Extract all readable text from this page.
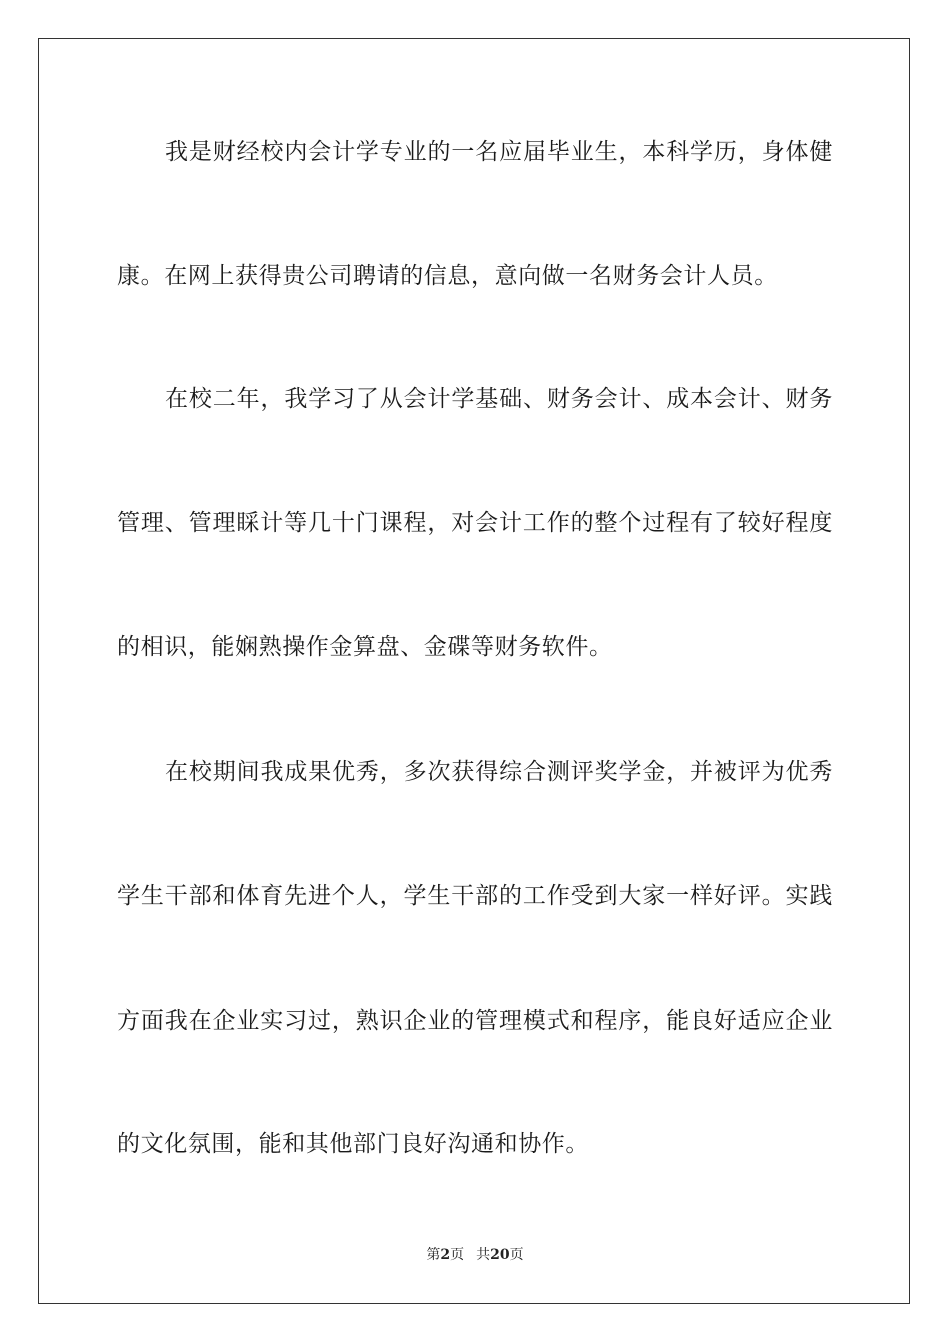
我是财经校内会计学专业的一名应届毕业生，本科学历，身体健
康。在网上获得贵公司聘请的信息，意向做一名财务会计人员。
在校二年，我学习了从会计学基础、财务会计、成本会计、财务
管理、管理睬计等几十门课程，对会计工作的整个过程有了较好程度
的相识，能娴熟操作金算盘、金碟等财务软件。
在校期间我成果优秀，多次获得综合测评奖学金，并被评为优秀
学生干部和体育先进个人，学生干部的工作受到大家一样好评。实践
方面我在企业实习过，熟识企业的管理模式和程序，能良好适应企业
的文化氛围，能和其他部门良好沟通和协作。
第2页 共20页
